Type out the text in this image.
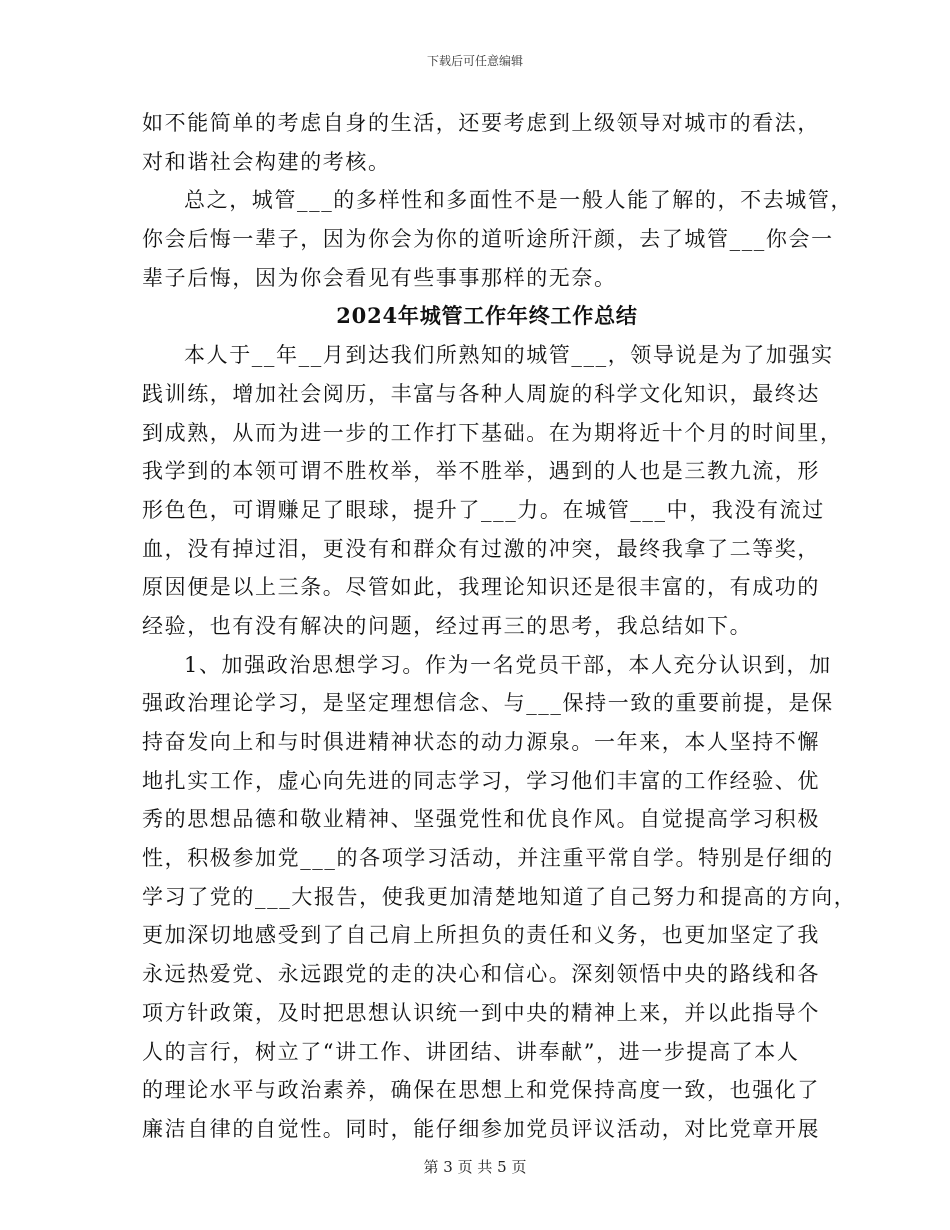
下载后可任意编辑
如不能简单的考虑自身的生活，还要考虑到上级领导对城市的看法，
对和谐社会构建的考核。
总之，城管___的多样性和多面性不是一般人能了解的，不去城管，
你会后悔一辈子，因为你会为你的道听途所汗颜，去了城管___你会一
辈子后悔，因为你会看见有些事事那样的无奈。
2024年城管工作年终工作总结
本人于__年__月到达我们所熟知的城管___，领导说是为了加强实
践训练，增加社会阅历，丰富与各种人周旋的科学文化知识，最终达
到成熟，从而为进一步的工作打下基础。在为期将近十个月的时间里，
我学到的本领可谓不胜枚举，举不胜举，遇到的人也是三教九流，形
形色色，可谓赚足了眼球，提升了___力。在城管___中，我没有流过
血，没有掉过泪，更没有和群众有过激的冲突，最终我拿了二等奖，
原因便是以上三条。尽管如此，我理论知识还是很丰富的，有成功的
经验，也有没有解决的问题，经过再三的思考，我总结如下。
1、加强政治思想学习。作为一名党员干部，本人充分认识到，加
强政治理论学习，是坚定理想信念、与___保持一致的重要前提，是保
持奋发向上和与时俱进精神状态的动力源泉。一年来，本人坚持不懈
地扎实工作，虚心向先进的同志学习，学习他们丰富的工作经验、优
秀的思想品德和敬业精神、坚强党性和优良作风。自觉提高学习积极
性，积极参加党___的各项学习活动，并注重平常自学。特别是仔细的
学习了党的___大报告，使我更加清楚地知道了自己努力和提高的方向，
更加深切地感受到了自己肩上所担负的责任和义务，也更加坚定了我
永远热爱党、永远跟党的走的决心和信心。深刻领悟中央的路线和各
项方针政策，及时把思想认识统一到中央的精神上来，并以此指导个
人的言行，树立了“讲工作、讲团结、讲奉献”，进一步提高了本人
的理论水平与政治素养，确保在思想上和党保持高度一致，也强化了
廉洁自律的自觉性。同时，能仔细参加党员评议活动，对比党章开展
第 3 页 共 5 页
